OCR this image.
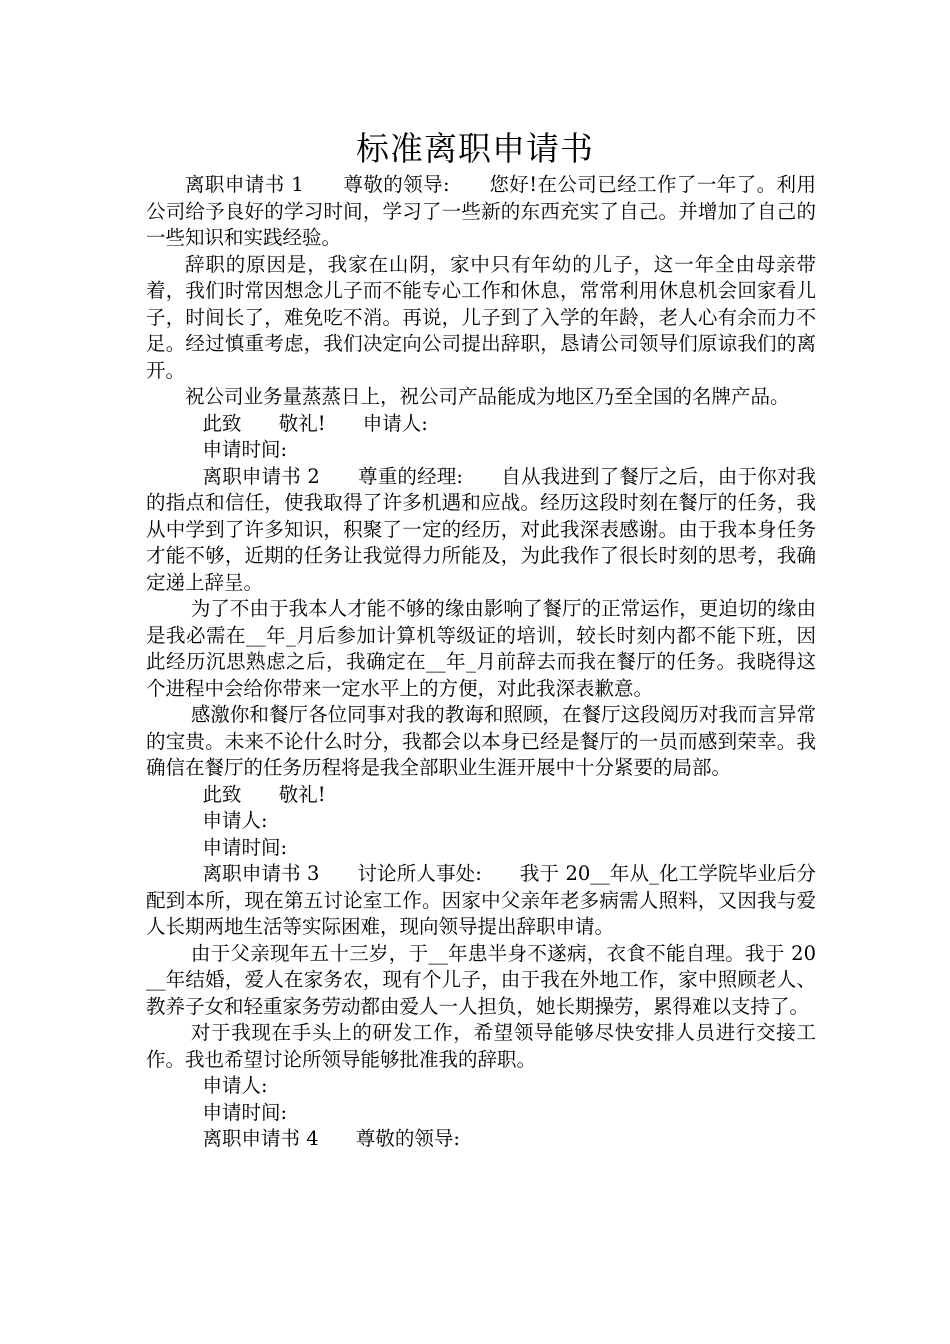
标准离职申请书

离职申请书 1      尊敬的领导:      您好!在公司已经工作了一年了。利用公司给予良好的学习时间，学习了一些新的东西充实了自己。并增加了自己的一些知识和实践经验。

辞职的原因是，我家在山阴，家中只有年幼的儿子，这一年全由母亲带着，我们时常因想念儿子而不能专心工作和休息，常常利用休息机会回家看儿子，时间长了，难免吃不消。再说，儿子到了入学的年龄，老人心有余而力不足。经过慎重考虑，我们决定向公司提出辞职，恳请公司领导们原谅我们的离开。

祝公司业务量蒸蒸日上，祝公司产品能成为地区乃至全国的名牌产品。

此致      敬礼!      申请人:

申请时间:

离职申请书 2      尊重的经理:      自从我进到了餐厅之后，由于你对我的指点和信任，使我取得了许多机遇和应战。经历这段时刻在餐厅的任务，我从中学到了许多知识，积聚了一定的经历，对此我深表感谢。由于我本身任务才能不够，近期的任务让我觉得力所能及，为此我作了很长时刻的思考，我确定递上辞呈。

为了不由于我本人才能不够的缘由影响了餐厅的正常运作，更迫切的缘由是我必需在__年_月后参加计算机等级证的培训，较长时刻内都不能下班，因此经历沉思熟虑之后，我确定在__年_月前辞去而我在餐厅的任务。我晓得这个进程中会给你带来一定水平上的方便，对此我深表歉意。

感激你和餐厅各位同事对我的教诲和照顾，在餐厅这段阅历对我而言异常的宝贵。未来不论什么时分，我都会以本身已经是餐厅的一员而感到荣幸。我确信在餐厅的任务历程将是我全部职业生涯开展中十分紧要的局部。

此致      敬礼!

申请人:

申请时间:

离职申请书 3      讨论所人事处:      我于 20__年从_化工学院毕业后分配到本所，现在第五讨论室工作。因家中父亲年老多病需人照料，又因我与爱人长期两地生活等实际困难，现向领导提出辞职申请。

由于父亲现年五十三岁，于__年患半身不遂病，衣食不能自理。我于 20__年结婚，爱人在家务农，现有个儿子，由于我在外地工作，家中照顾老人、教养子女和轻重家务劳动都由爱人一人担负，她长期操劳，累得难以支持了。

对于我现在手头上的研发工作，希望领导能够尽快安排人员进行交接工作。我也希望讨论所领导能够批准我的辞职。

申请人:

申请时间:

离职申请书 4      尊敬的领导:
